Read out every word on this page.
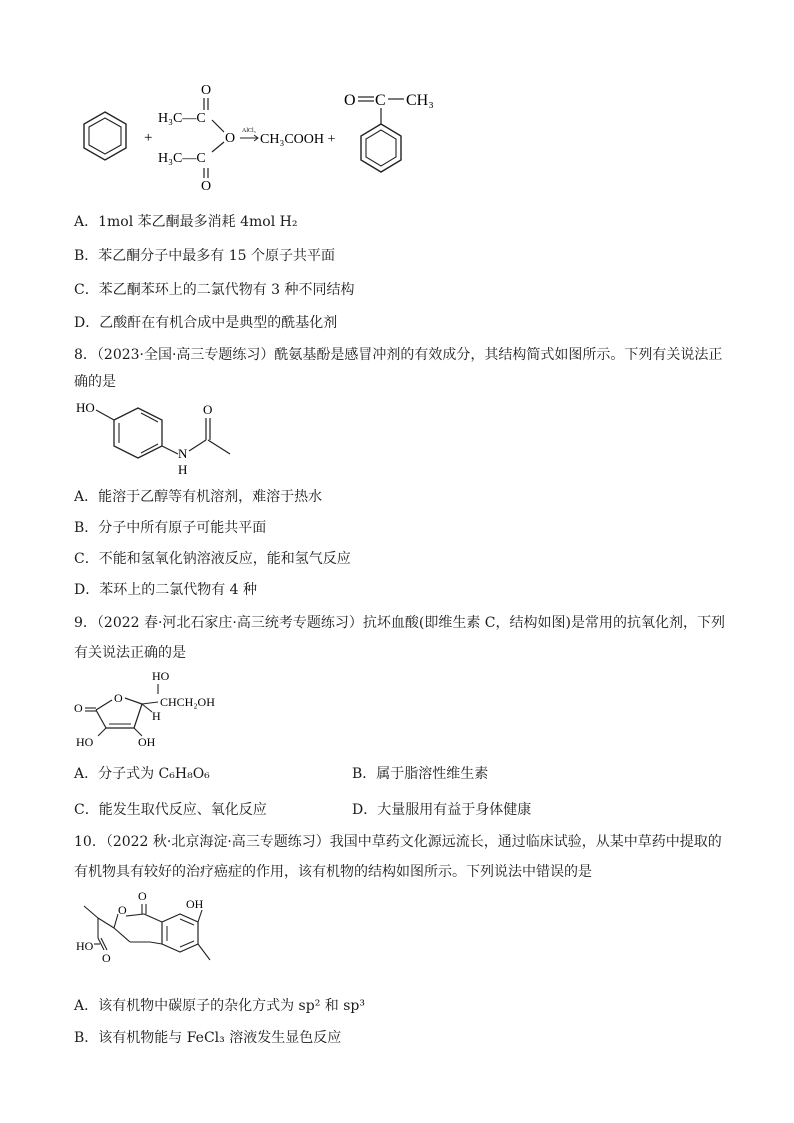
+
H₃C—C
O
O
H₃C—C
O
AlCl₃
CH₃COOH +
O C CH₃
A．1mol 苯乙酮最多消耗 4mol H₂
B．苯乙酮分子中最多有 15 个原子共平面
C．苯乙酮苯环上的二氯代物有 3 种不同结构
D．乙酸酐在有机合成中是典型的酰基化剂
8．（2023·全国·高三专题练习）酰氨基酚是感冒冲剂的有效成分，其结构简式如图所示。下列有关说法正
确的是
HO
N
H
O
A．能溶于乙醇等有机溶剂，难溶于热水
B．分子中所有原子可能共平面
C．不能和氢氧化钠溶液反应，能和氢气反应
D．苯环上的二氯代物有 4 种
9．（2022 春·河北石家庄·高三统考专题练习）抗坏血酸(即维生素 C，结构如图)是常用的抗氧化剂，下列
有关说法正确的是
HO
CHCH₂OH
O
O
H
HO	OH
A．分子式为 C₆H₈O₆	B．属于脂溶性维生素
C．能发生取代反应、氧化反应	D．大量服用有益于身体健康
10．（2022 秋·北京海淀·高三专题练习）我国中草药文化源远流长，通过临床试验，从某中草药中提取的
有机物具有较好的治疗癌症的作用，该有机物的结构如图所示。下列说法中错误的是
O
O	OH
HO
O
A．该有机物中碳原子的杂化方式为 sp² 和 sp³
B．该有机物能与 FeCl₃ 溶液发生显色反应
